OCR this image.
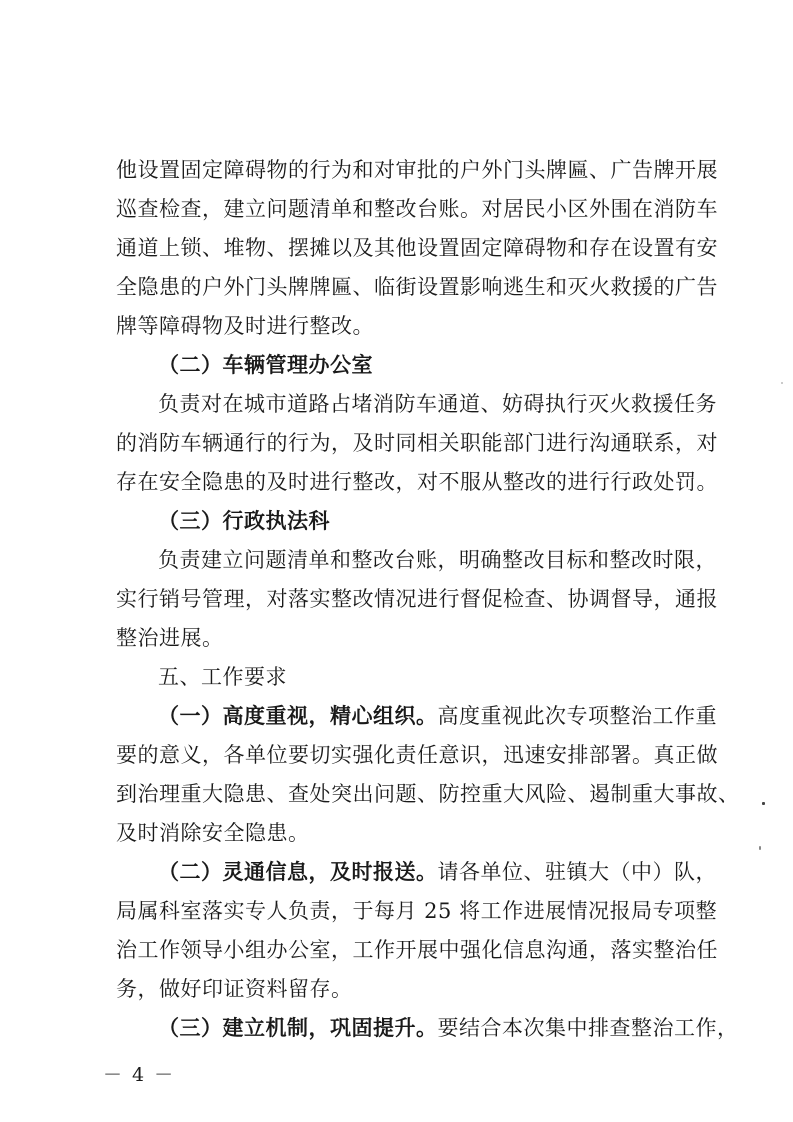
他设置固定障碍物的行为和对审批的户外门头牌匾、广告牌开展
巡查检查，建立问题清单和整改台账。对居民小区外围在消防车
通道上锁、堆物、摆摊以及其他设置固定障碍物和存在设置有安
全隐患的户外门头牌牌匾、临街设置影响逃生和灭火救援的广告
牌等障碍物及时进行整改。
（二）车辆管理办公室
负责对在城市道路占堵消防车通道、妨碍执行灭火救援任务
的消防车辆通行的行为，及时同相关职能部门进行沟通联系，对
存在安全隐患的及时进行整改，对不服从整改的进行行政处罚。
（三）行政执法科
负责建立问题清单和整改台账，明确整改目标和整改时限，
实行销号管理，对落实整改情况进行督促检查、协调督导，通报
整治进展。
五、工作要求
（一）高度重视，精心组织。高度重视此次专项整治工作重
要的意义，各单位要切实强化责任意识，迅速安排部署。真正做
到治理重大隐患、查处突出问题、防控重大风险、遏制重大事故、
及时消除安全隐患。
（二）灵通信息，及时报送。请各单位、驻镇大（中）队，
局属科室落实专人负责，于每月 25 将工作进展情况报局专项整
治工作领导小组办公室，工作开展中强化信息沟通，落实整治任
务，做好印证资料留存。
（三）建立机制，巩固提升。要结合本次集中排查整治工作，
－ 4 －
